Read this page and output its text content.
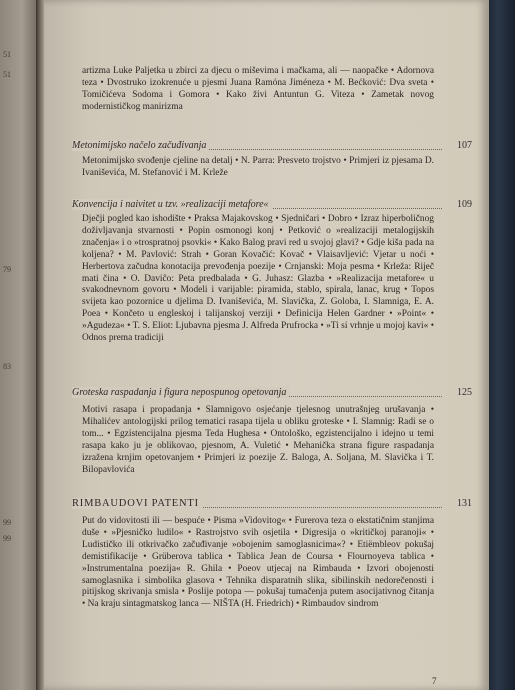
51
51
79
83
99
99
artizma Luke Paljetka u zbirci za djecu o miševima i mačkama, ali — naopačke • Adornova teza • Dvostruko izokrenuće u pjesmi Juana Ramóna Jiméneza • M. Bećković: Dva sveta • Tomičićeva Sodoma i Gomora • Kako živi Antuntun G. Viteza • Zametak novog modernističkog manirizma
Metonimijsko načelo začuđivanja	107
Metonimijsko svođenje cjeline na detalj • N. Parra: Presveto trojstvo • Primjeri iz pjesama D. Ivaniševića, M. Stefanović i M. Krleže
Konvencija i naivitet u tzv. »realizaciji metafore«	109
Dječji pogled kao ishodište • Praksa Majakovskog • Sjedničari • Dobro • Izraz hiperboličnog doživljavanja stvarnosti • Popin osmonogi konj • Petković o »realizaciji metalogijskih značenja« i o »trospratnoj psovki« • Kako Balog pravi red u svojoj glavi? • Gdje kiša pada na koljena? • M. Pavlović: Strah • Goran Kovačić: Kovač • Vlaisavljević: Vjetar u noći • Herbertova začudna konotacija prevođenja poezije • Crnjanski: Moja pesma • Krleža: Riječ mati čina • O. Daviĉo: Peta predbalada • G. Juhasz: Glazba • »Realizacija metafore« u svakodnevnom govoru • Modeli i varijable: piramida, stablo, spirala, lanac, krug • Topos svijeta kao pozornice u djelima D. Ivaniševića, M. Slavička, Z. Goloba, I. Slamniga, E. A. Poea • Končeto u engleskoj i talijanskoj verziji • Definicija Helen Gardner • »Point« • »Agudeza« • T. S. Eliot: Ljubavna pjesma J. Alfreda Prufrocka • »Ti si vrhnje u mojoj kavi« • Odnos prema tradiciji
Groteska raspadanja i figura nepospunog opetovanja	125
Motivi rasapa i propadanja • Slamnigovo osjećanje tjelesnog unutrašnjeg urušavanja • Mihalićev antologijski prilog tematici rasapa tijela u obliku groteske • I. Slamnig: Radi se o tom... • Egzistencijalna pjesma Teda Hughesa • Ontološko, egzistencijalno i idejno u temi rasapa kako ju je oblikovao, pjesnom, A. Vuletić • Mehanička strana figure raspadanja izražena krnjim opetovanjem • Primjeri iz poezije Z. Baloga, A. Soljana, M. Slavička i T. Bilopavlovića
RIMBAUDOVI PATENTI	131
Put do vidovitosti ili — bespuće • Pisma »Vidovitog« • Furerova teza o ekstatičnim stanjima duše • »Pjesničko ludilo« • Rastrojstvo svih osjetila • Digresija o »kritičkoj paranoji« • Ludističko ili otkrivačko začuđivanje »obojenim samoglasnicima«? • Etiëmbleov pokušaj demistifikacije • Grüberova tablica • Tablica Jean de Coursa • Flournoyeva tablica • »Instrumentalna poezija« R. Ghila • Poeov utjecaj na Rimbauda • Izvori obojenosti samoglasnika i simbolika glasova • Tehnika disparatnih slika, sibilinskih nedorečenosti i pitijskog skrivanja smisla • Poslije potopa — pokušaj tumačenja putem asocijativnog čitanja • Na kraju sintagmatskog lanca — NIŠTA (H. Friedrich) • Rimbaudov sindrom
7
